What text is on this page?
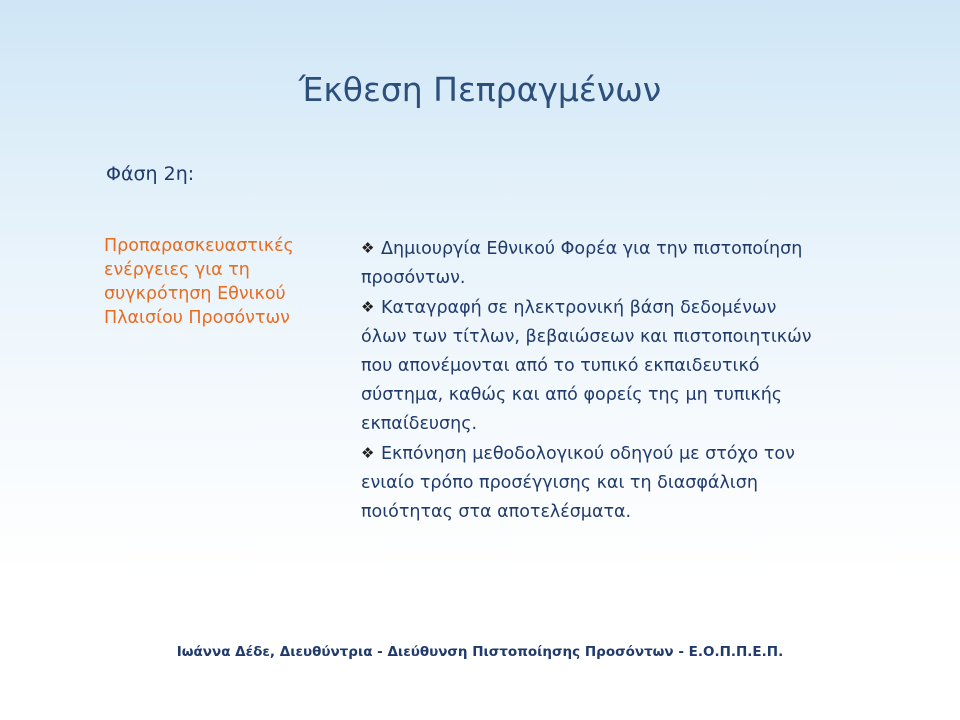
Έκθεση Πεπραγμένων

Φάση 2η:

Προπαρασκευαστικές
ενέργειες για τη
συγκρότηση Εθνικού
Πλαισίου Προσόντων
❖ Δημιουργία Εθνικού Φορέα για την πιστοποίηση
προσόντων.
❖ Καταγραφή σε ηλεκτρονική βάση δεδομένων
όλων των τίτλων, βεβαιώσεων και πιστοποιητικών
που απονέμονται από το τυπικό εκπαιδευτικό
σύστημα, καθώς και από φορείς της μη τυπικής
εκπαίδευσης.
❖ Εκπόνηση μεθοδολογικού οδηγού με στόχο τον
ενιαίο τρόπο προσέγγισης και τη διασφάλιση
ποιότητας στα αποτελέσματα.
Ιωάννα Δέδε, Διευθύντρια - Διεύθυνση Πιστοποίησης Προσόντων - Ε.Ο.Π.Π.Ε.Π.
